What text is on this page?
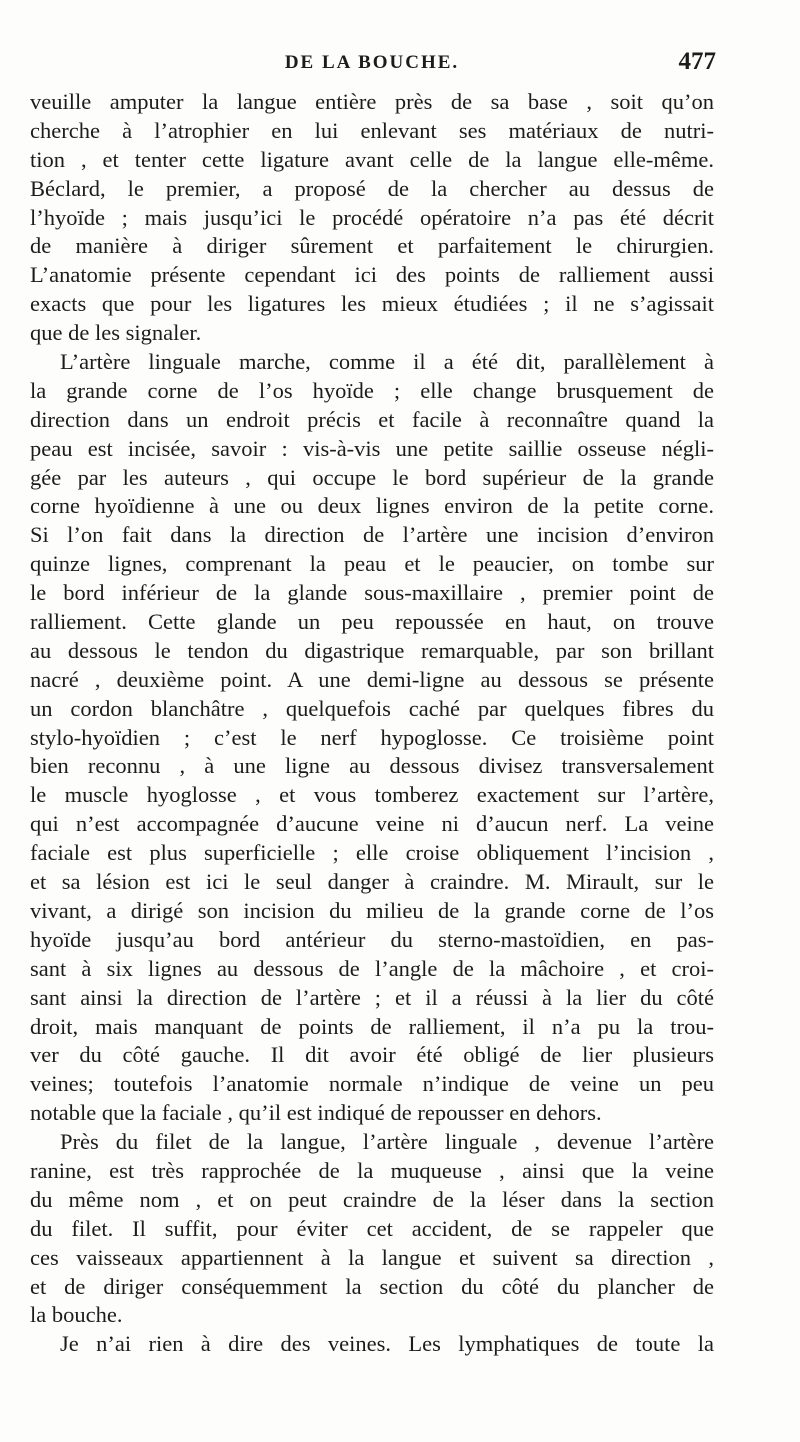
DE LA BOUCHE.	477
veuille amputer la langue entière près de sa base , soit qu’on
cherche à l’atrophier en lui enlevant ses matériaux de nutri-
tion , et tenter cette ligature avant celle de la langue elle-même.
Béclard, le premier, a proposé de la chercher au dessus de
l’hyoïde ; mais jusqu’ici le procédé opératoire n’a pas été décrit
de manière à diriger sûrement et parfaitement le chirurgien.
L’anatomie présente cependant ici des points de ralliement aussi
exacts que pour les ligatures les mieux étudiées ; il ne s’agissait
que de les signaler.
L’artère linguale marche, comme il a été dit, parallèlement à
la grande corne de l’os hyoïde ; elle change brusquement de
direction dans un endroit précis et facile à reconnaître quand la
peau est incisée, savoir : vis-à-vis une petite saillie osseuse négli-
gée par les auteurs , qui occupe le bord supérieur de la grande
corne hyoïdienne à une ou deux lignes environ de la petite corne.
Si l’on fait dans la direction de l’artère une incision d’environ
quinze lignes, comprenant la peau et le peaucier, on tombe sur
le bord inférieur de la glande sous-maxillaire , premier point de
ralliement. Cette glande un peu repoussée en haut, on trouve
au dessous le tendon du digastrique remarquable, par son brillant
nacré , deuxième point. A une demi-ligne au dessous se présente
un cordon blanchâtre , quelquefois caché par quelques fibres du
stylo-hyoïdien ; c’est le nerf hypoglosse. Ce troisième point
bien reconnu , à une ligne au dessous divisez transversalement
le muscle hyoglosse , et vous tomberez exactement sur l’artère,
qui n’est accompagnée d’aucune veine ni d’aucun nerf. La veine
faciale est plus superficielle ; elle croise obliquement l’incision ,
et sa lésion est ici le seul danger à craindre. M. Mirault, sur le
vivant, a dirigé son incision du milieu de la grande corne de l’os
hyoïde jusqu’au bord antérieur du sterno-mastoïdien, en pas-
sant à six lignes au dessous de l’angle de la mâchoire , et croi-
sant ainsi la direction de l’artère ; et il a réussi à la lier du côté
droit, mais manquant de points de ralliement, il n’a pu la trou-
ver du côté gauche. Il dit avoir été obligé de lier plusieurs
veines; toutefois l’anatomie normale n’indique de veine un peu
notable que la faciale , qu’il est indiqué de repousser en dehors.
Près du filet de la langue, l’artère linguale , devenue l’artère
ranine, est très rapprochée de la muqueuse , ainsi que la veine
du même nom , et on peut craindre de la léser dans la section
du filet. Il suffit, pour éviter cet accident, de se rappeler que
ces vaisseaux appartiennent à la langue et suivent sa direction ,
et de diriger conséquemment la section du côté du plancher de
la bouche.
Je n’ai rien à dire des veines. Les lymphatiques de toute la
